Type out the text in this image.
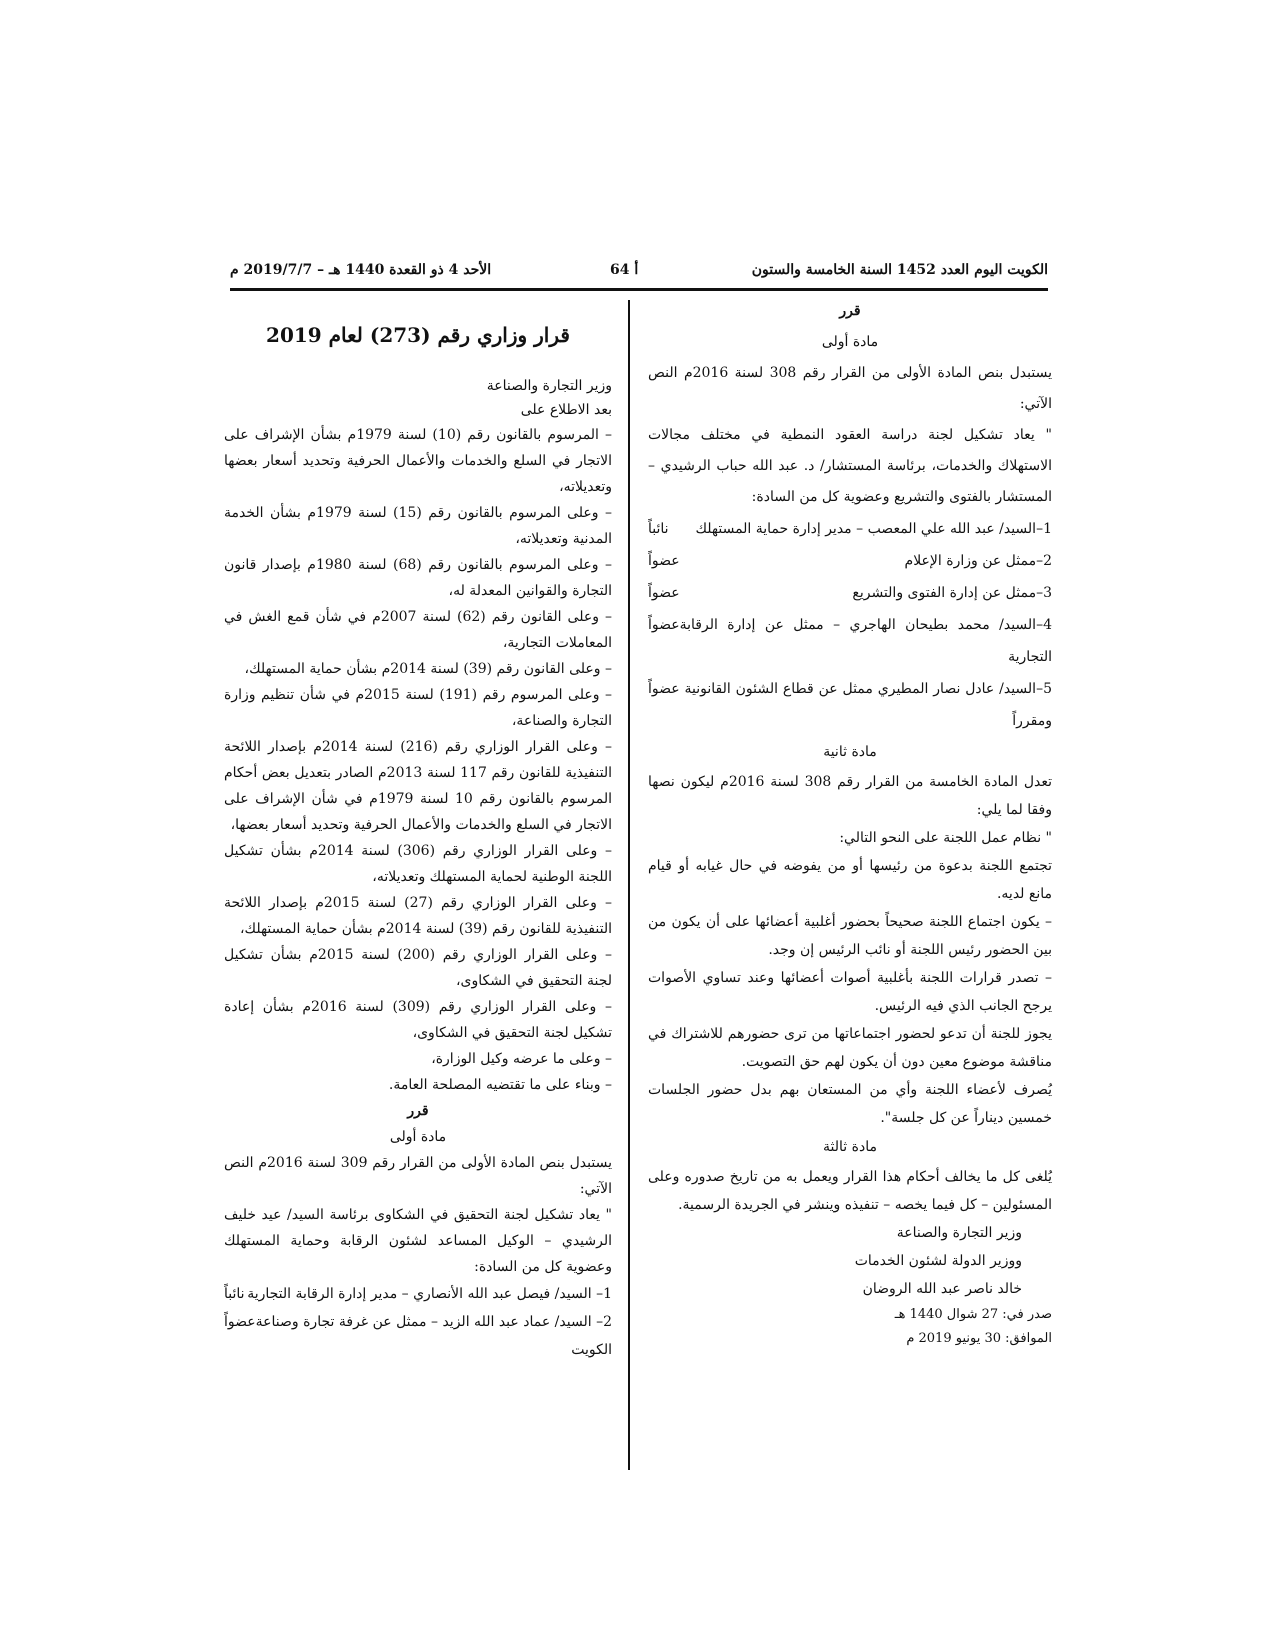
الأحد 4 ذو القعدة 1440 هـ – 2019/7/7 م	64 أ	الكويت اليوم العدد 1452 السنة الخامسة والستون

قرر

مادة أولى

يستبدل بنص المادة الأولى من القرار رقم 308 لسنة 2016م النص الآتي:

" يعاد تشكيل لجنة دراسة العقود النمطية في مختلف مجالات الاستهلاك والخدمات، برئاسة المستشار/ د. عبد الله حباب الرشيدي – المستشار بالفتوى والتشريع وعضوية كل من السادة:

1–السيد/ عبد الله علي المعصب – مدير إدارة حماية المستهلك
نائباً
2–ممثل عن وزارة الإعلام
عضواً
3–ممثل عن إدارة الفتوى والتشريع
عضواً
4–السيد/ محمد بطيحان الهاجري – ممثل عن إدارة الرقابة التجارية
عضواً
5–السيد/ عادل نصار المطيري ممثل عن قطاع الشئون القانونية عضواً ومقرراً

مادة ثانية

تعدل المادة الخامسة من القرار رقم 308 لسنة 2016م ليكون نصها وفقا لما يلي:

" نظام عمل اللجنة على النحو التالي:

تجتمع اللجنة بدعوة من رئيسها أو من يفوضه في حال غيابه أو قيام مانع لديه.

– يكون اجتماع اللجنة صحيحاً بحضور أغلبية أعضائها على أن يكون من بين الحضور رئيس اللجنة أو نائب الرئيس إن وجد.

– تصدر قرارات اللجنة بأغلبية أصوات أعضائها وعند تساوي الأصوات يرجح الجانب الذي فيه الرئيس.

يجوز للجنة أن تدعو لحضور اجتماعاتها من ترى حضورهم للاشتراك في مناقشة موضوع معين دون أن يكون لهم حق التصويت.

يُصرف لأعضاء اللجنة وأي من المستعان بهم بدل حضور الجلسات خمسين ديناراً عن كل جلسة".

مادة ثالثة

يُلغى كل ما يخالف أحكام هذا القرار ويعمل به من تاريخ صدوره وعلى المسئولين – كل فيما يخصه – تنفيذه وينشر في الجريدة الرسمية.

وزير التجارة والصناعة

ووزير الدولة لشئون الخدمات

خالد ناصر عبد الله الروضان

صدر في: 27 شوال 1440 هـ

الموافق: 30 يونيو 2019 م

قرار وزاري رقم (273) لعام 2019

وزير التجارة والصناعة

بعد الاطلاع على

– المرسوم بالقانون رقم (10) لسنة 1979م بشأن الإشراف على الاتجار في السلع والخدمات والأعمال الحرفية وتحديد أسعار بعضها وتعديلاته،

– وعلى المرسوم بالقانون رقم (15) لسنة 1979م بشأن الخدمة المدنية وتعديلاته،

– وعلى المرسوم بالقانون رقم (68) لسنة 1980م بإصدار قانون التجارة والقوانين المعدلة له،

– وعلى القانون رقم (62) لسنة 2007م في شأن قمع الغش في المعاملات التجارية،

– وعلى القانون رقم (39) لسنة 2014م بشأن حماية المستهلك،

– وعلى المرسوم رقم (191) لسنة 2015م في شأن تنظيم وزارة التجارة والصناعة،

– وعلى القرار الوزاري رقم (216) لسنة 2014م بإصدار اللائحة التنفيذية للقانون رقم 117 لسنة 2013م الصادر بتعديل بعض أحكام المرسوم بالقانون رقم 10 لسنة 1979م في شأن الإشراف على الاتجار في السلع والخدمات والأعمال الحرفية وتحديد أسعار بعضها،

– وعلى القرار الوزاري رقم (306) لسنة 2014م بشأن تشكيل اللجنة الوطنية لحماية المستهلك وتعديلاته،

– وعلى القرار الوزاري رقم (27) لسنة 2015م بإصدار اللائحة التنفيذية للقانون رقم (39) لسنة 2014م بشأن حماية المستهلك،

– وعلى القرار الوزاري رقم (200) لسنة 2015م بشأن تشكيل لجنة التحقيق في الشكاوى،

– وعلى القرار الوزاري رقم (309) لسنة 2016م بشأن إعادة تشكيل لجنة التحقيق في الشكاوى،

– وعلى ما عرضه وكيل الوزارة،

– وبناء على ما تقتضيه المصلحة العامة.

قرر

مادة أولى

يستبدل بنص المادة الأولى من القرار رقم 309 لسنة 2016م النص الآتي:

" يعاد تشكيل لجنة التحقيق في الشكاوى برئاسة السيد/ عيد خليف الرشيدي – الوكيل المساعد لشئون الرقابة وحماية المستهلك وعضوية كل من السادة:

1– السيد/ فيصل عبد الله الأنصاري – مدير إدارة الرقابة التجارية
نائباً
2– السيد/ عماد عبد الله الزيد – ممثل عن غرفة تجارة وصناعة الكويت
عضواً
